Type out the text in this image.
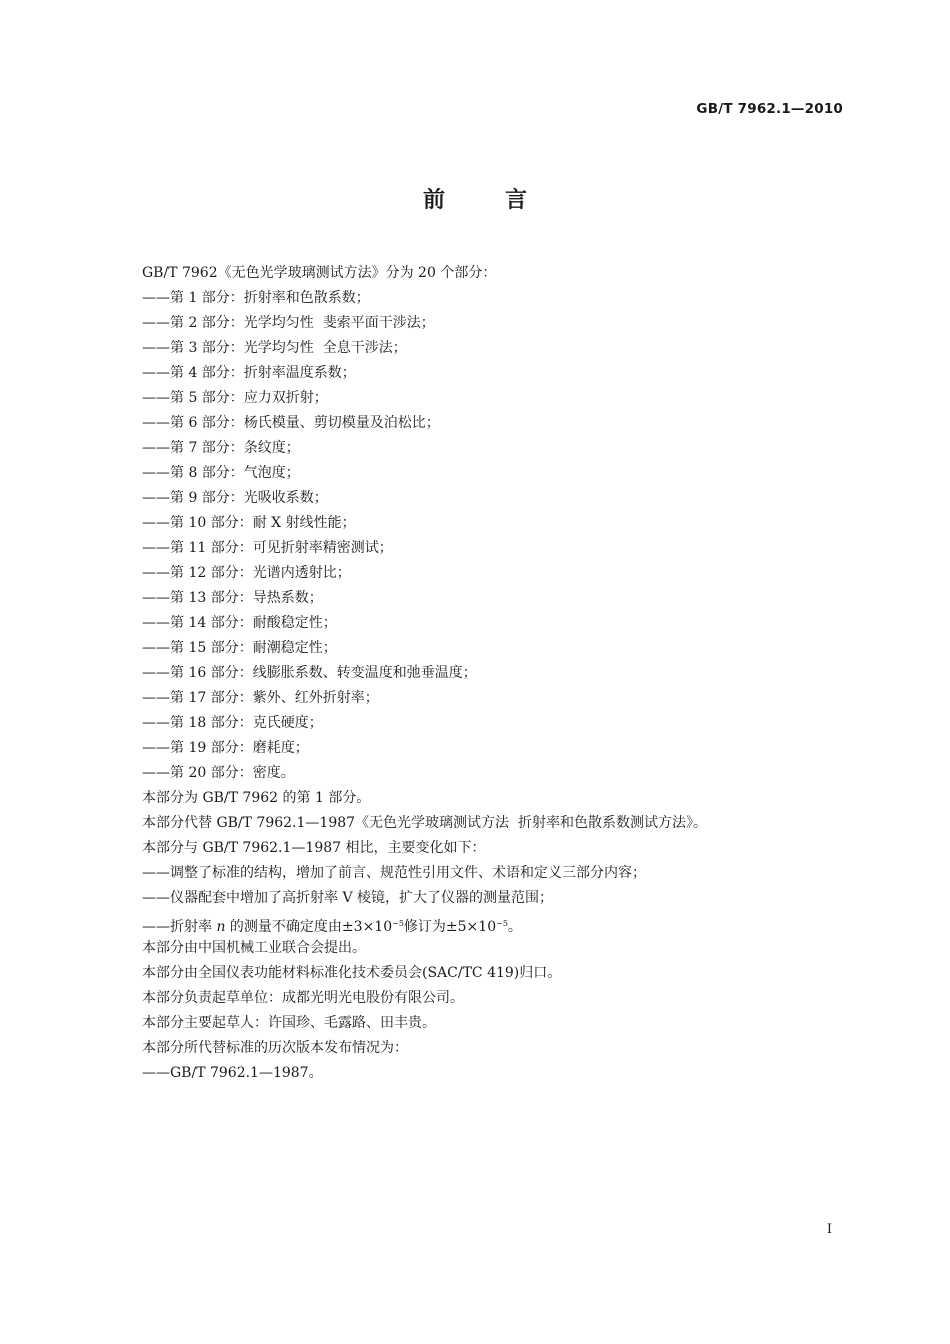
GB/T 7962.1—2010
前言
GB/T 7962《无色光学玻璃测试方法》分为 20 个部分：
——第 1 部分：折射率和色散系数；
——第 2 部分：光学均匀性  斐索平面干涉法；
——第 3 部分：光学均匀性  全息干涉法；
——第 4 部分：折射率温度系数；
——第 5 部分：应力双折射；
——第 6 部分：杨氏模量、剪切模量及泊松比；
——第 7 部分：条纹度；
——第 8 部分：气泡度；
——第 9 部分：光吸收系数；
——第 10 部分：耐 X 射线性能；
——第 11 部分：可见折射率精密测试；
——第 12 部分：光谱内透射比；
——第 13 部分：导热系数；
——第 14 部分：耐酸稳定性；
——第 15 部分：耐潮稳定性；
——第 16 部分：线膨胀系数、转变温度和弛垂温度；
——第 17 部分：紫外、红外折射率；
——第 18 部分：克氏硬度；
——第 19 部分：磨耗度；
——第 20 部分：密度。
本部分为 GB/T 7962 的第 1 部分。
本部分代替 GB/T 7962.1—1987《无色光学玻璃测试方法  折射率和色散系数测试方法》。
本部分与 GB/T 7962.1—1987 相比，主要变化如下：
——调整了标准的结构，增加了前言、规范性引用文件、术语和定义三部分内容；
——仪器配套中增加了高折射率 V 棱镜，扩大了仪器的测量范围；
——折射率 n 的测量不确定度由$\pm 3\times 10^{-5}$修订为$\pm 5\times 10^{-5}$。
本部分由中国机械工业联合会提出。
本部分由全国仪表功能材料标准化技术委员会(SAC/TC 419)归口。
本部分负责起草单位：成都光明光电股份有限公司。
本部分主要起草人：许国珍、毛露路、田丰贵。
本部分所代替标准的历次版本发布情况为：
——GB/T 7962.1—1987。
I
